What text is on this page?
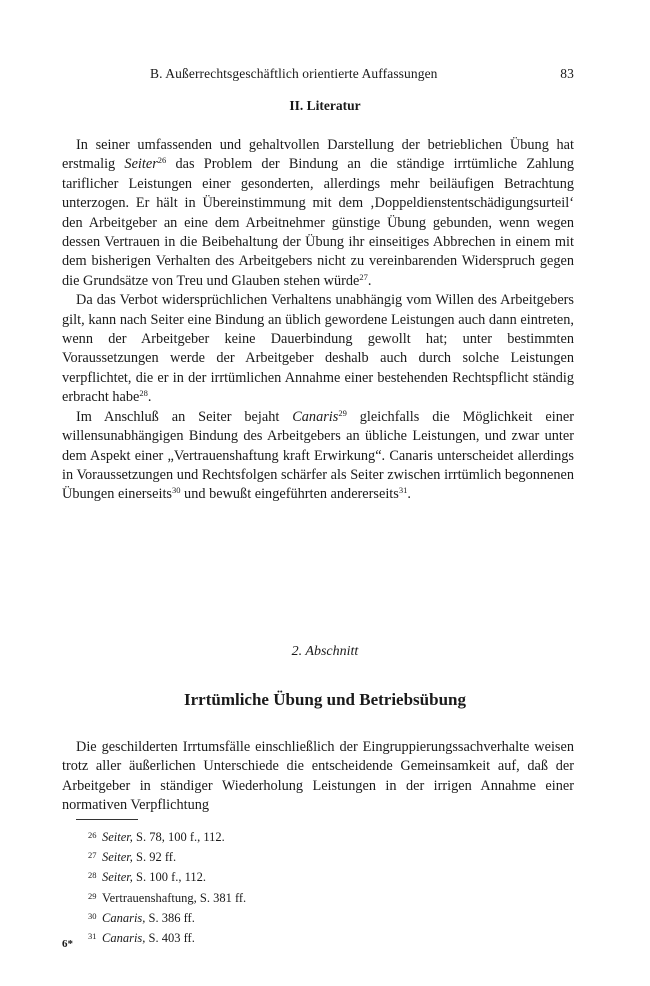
B. Außerrechtsgeschäftlich orientierte Auffassungen	83
II. Literatur

In seiner umfassenden und gehaltvollen Darstellung der betrieblichen Übung hat erstmalig Seiter$^{26}$ das Problem der Bindung an die ständige irrtümliche Zahlung tariflicher Leistungen einer gesonderten, allerdings mehr beiläufigen Betrachtung unterzogen. Er hält in Übereinstimmung mit dem ‚Doppeldienstentschädigungsurteil‘ den Arbeitgeber an eine dem Arbeitnehmer günstige Übung gebunden, wenn wegen dessen Vertrauen in die Beibehaltung der Übung ihr einseitiges Abbrechen in einem mit dem bisherigen Verhalten des Arbeitgebers nicht zu vereinbarenden Widerspruch gegen die Grundsätze von Treu und Glauben stehen würde$^{27}$.

Da das Verbot widersprüchlichen Verhaltens unabhängig vom Willen des Arbeitgebers gilt, kann nach Seiter eine Bindung an üblich gewordene Leistungen auch dann eintreten, wenn der Arbeitgeber keine Dauerbindung gewollt hat; unter bestimmten Voraussetzungen werde der Arbeitgeber deshalb auch durch solche Leistungen verpflichtet, die er in der irrtümlichen Annahme einer bestehenden Rechtspflicht ständig erbracht habe$^{28}$.

Im Anschluß an Seiter bejaht Canaris$^{29}$ gleichfalls die Möglichkeit einer willensunabhängigen Bindung des Arbeitgebers an übliche Leistungen, und zwar unter dem Aspekt einer „Vertrauenshaftung kraft Erwirkung“. Canaris unterscheidet allerdings in Voraussetzungen und Rechtsfolgen schärfer als Seiter zwischen irrtümlich begonnenen Übungen einerseits$^{30}$ und bewußt eingeführten andererseits$^{31}$.

2. Abschnitt
Irrtümliche Übung und Betriebsübung

Die geschilderten Irrtumsfälle einschließlich der Eingruppierungssachverhalte weisen trotz aller äußerlichen Unterschiede die entscheidende Gemeinsamkeit auf, daß der Arbeitgeber in ständiger Wiederholung Leistungen in der irrigen Annahme einer normativen Verpflichtung

26 Seiter, S. 78, 100 f., 112.
27 Seiter, S. 92 ff.
28 Seiter, S. 100 f., 112.
29 Vertrauenshaftung, S. 381 ff.
30 Canaris, S. 386 ff.
31 Canaris, S. 403 ff.
6*
